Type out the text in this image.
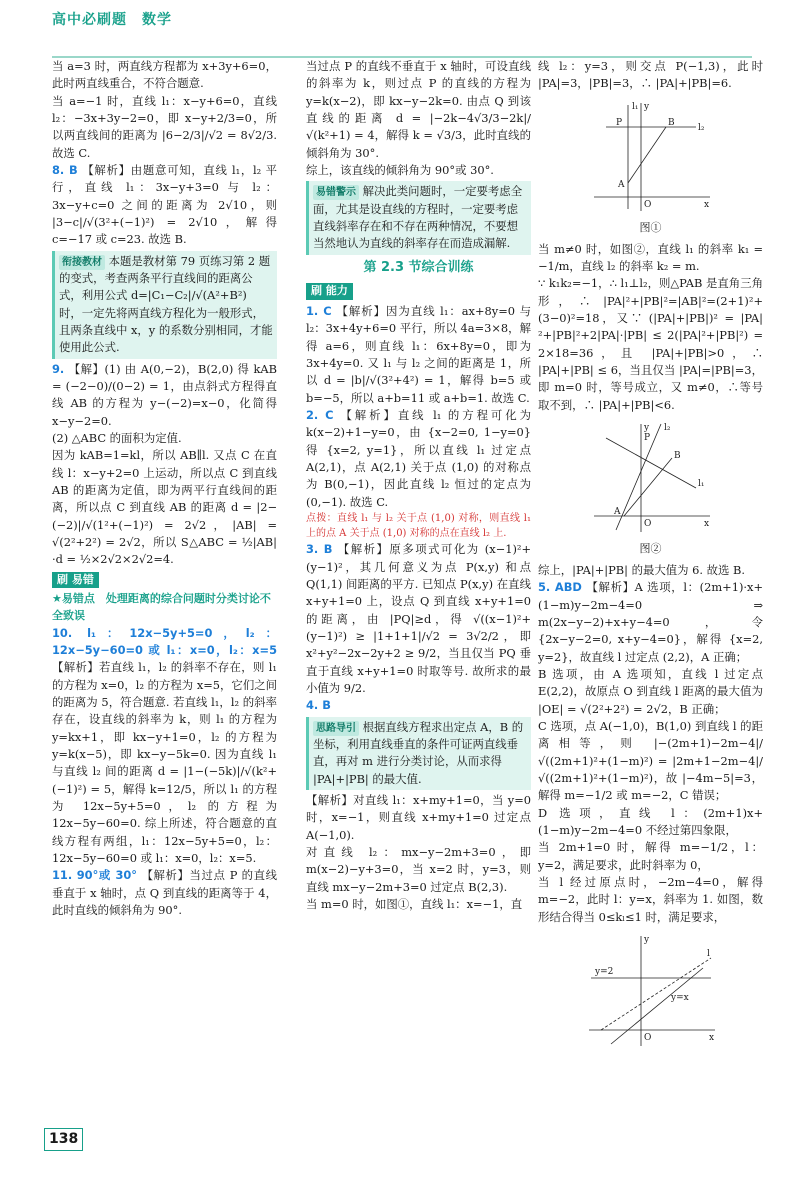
高中必刷题　数学

当 a=3 时，两直线方程都为 x+3y+6=0，此时两直线重合，不符合题意.

当 a=−1 时，直线 l₁：x−y+6=0，直线 l₂：−3x+3y−2=0，即 x−y+2/3=0，所以两直线间的距离为 |6−2/3|/√2 = 8√2/3. 故选 C.

8. B 【解析】由题意可知，直线 l₁，l₂ 平行，直线 l₁：3x−y+3=0 与 l₂：3x−y+c=0 之间的距离为 2√10，则 |3−c|/√(3²+(−1)²) = 2√10，解得 c=−17 或 c=23. 故选 B.

衔接教材 本题是教材第 79 页练习第 2 题的变式，考查两条平行直线间的距离公式，利用公式 d=|C₁−C₂|/√(A²+B²) 时，一定先将两直线方程化为一般形式，且两条直线中 x，y 的系数分别相同，才能使用此公式.

9. 【解】(1) 由 A(0,−2)，B(2,0) 得 kAB = (−2−0)/(0−2) = 1，由点斜式方程得直线 AB 的方程为 y−(−2)=x−0，化简得 x−y−2=0.

(2) △ABC 的面积为定值.

因为 kAB=1=kl，所以 AB∥l. 又点 C 在直线 l：x−y+2=0 上运动，所以点 C 到直线 AB 的距离为定值，即为两平行直线间的距离，所以点 C 到直线 AB 的距离 d = |2−(−2)|/√(1²+(−1)²) = 2√2，|AB| = √(2²+2²) = 2√2，所以 S△ABC = ½|AB|·d = ½×2√2×2√2=4.

刷 易错
★易错点　处理距离的综合问题时分类讨论不全致误

10. l₁：12x−5y+5=0，l₂：12x−5y−60=0 或 l₁：x=0，l₂：x=5 【解析】若直线 l₁，l₂ 的斜率不存在，则 l₁ 的方程为 x=0，l₂ 的方程为 x=5，它们之间的距离为 5，符合题意. 若直线 l₁，l₂ 的斜率存在，设直线的斜率为 k，则 l₁ 的方程为 y=kx+1，即 kx−y+1=0，l₂ 的方程为 y=k(x−5)，即 kx−y−5k=0. 因为直线 l₁ 与直线 l₂ 间的距离 d = |1−(−5k)|/√(k²+(−1)²) = 5，解得 k=12/5，所以 l₁ 的方程为 12x−5y+5=0，l₂ 的方程为 12x−5y−60=0. 综上所述，符合题意的直线方程有两组，l₁：12x−5y+5=0，l₂：12x−5y−60=0 或 l₁：x=0，l₂：x=5.

11. 90°或 30° 【解析】当过点 P 的直线垂直于 x 轴时，点 Q 到直线的距离等于 4，此时直线的倾斜角为 90°.

当过点 P 的直线不垂直于 x 轴时，可设直线的斜率为 k，则过点 P 的直线的方程为 y=k(x−2)，即 kx−y−2k=0. 由点 Q 到该直线的距离 d = |−2k−4√3/3−2k|/√(k²+1) = 4，解得 k = √3/3，此时直线的倾斜角为 30°.

综上，该直线的倾斜角为 90°或 30°.

易错警示 解决此类问题时，一定要考虑全面，尤其是设直线的方程时，一定要考虑直线斜率存在和不存在两种情况，不要想当然地认为直线的斜率存在而造成漏解.
第 2.3 节综合训练
刷 能力

1. C 【解析】因为直线 l₁：ax+8y=0 与 l₂：3x+4y+6=0 平行，所以 4a=3×8，解得 a=6，则直线 l₁：6x+8y=0，即为 3x+4y=0. 又 l₁ 与 l₂ 之间的距离是 1，所以 d = |b|/√(3²+4²) = 1，解得 b=5 或 b=−5，所以 a+b=11 或 a+b=1. 故选 C.

2. C 【解析】直线 l₁ 的方程可化为 k(x−2)+1−y=0，由 {x−2=0, 1−y=0} 得 {x=2, y=1}，所以直线 l₁ 过定点 A(2,1)，点 A(2,1) 关于点 (1,0) 的对称点为 B(0,−1)，因此直线 l₂ 恒过的定点为 (0,−1). 故选 C.

点拨：直线 l₁ 与 l₂ 关于点 (1,0) 对称，则直线 l₁ 上的点 A 关于点 (1,0) 对称的点在直线 l₂ 上.

3. B 【解析】原多项式可化为 (x−1)²+(y−1)²，其几何意义为点 P(x,y) 和点 Q(1,1) 间距离的平方. 已知点 P(x,y) 在直线 x+y+1=0 上，设点 Q 到直线 x+y+1=0 的距离，由 |PQ|≥d，得 √((x−1)²+(y−1)²) ≥ |1+1+1|/√2 = 3√2/2，即 x²+y²−2x−2y+2 ≥ 9/2，当且仅当 PQ 垂直于直线 x+y+1=0 时取等号. 故所求的最小值为 9/2.

4. B

思路导引 根据直线方程求出定点 A，B 的坐标，利用直线垂直的条件可证两直线垂直，再对 m 进行分类讨论，从而求得 |PA|+|PB| 的最大值.

【解析】对直线 l₁：x+my+1=0，当 y=0 时，x=−1，则直线 x+my+1=0 过定点 A(−1,0).

对直线 l₂：mx−y−2m+3=0，即 m(x−2)−y+3=0，当 x=2 时，y=3，则直线 mx−y−2m+3=0 过定点 B(2,3).

当 m=0 时，如图①，直线 l₁：x=−1，直

线 l₂：y=3，则交点 P(−1,3)，此时 |PA|=3，|PB|=3，∴ |PA|+|PB|=6.

x
y
O
P	B
A
l₁
l₂
图①

当 m≠0 时，如图②，直线 l₁ 的斜率 k₁ = −1/m，直线 l₂ 的斜率 k₂ = m.

∵ k₁k₂=−1，∴ l₁⊥l₂，则△PAB 是直角三角形，∴ |PA|²+|PB|²=|AB|²=(2+1)²+(3−0)²=18，又∵ (|PA|+|PB|)² = |PA|²+|PB|²+2|PA|·|PB| ≤ 2(|PA|²+|PB|²) = 2×18=36，且 |PA|+|PB|>0，∴ |PA|+|PB| ≤ 6，当且仅当 |PA|=|PB|=3，即 m=0 时，等号成立，又 m≠0，∴等号取不到，∴ |PA|+|PB|<6.

x
y
O
P
B
A
l₁
l₂
图②

综上，|PA|+|PB| 的最大值为 6. 故选 B.

5. ABD 【解析】A 选项，l：(2m+1)·x+(1−m)y−2m−4=0 ⇒ m(2x−y−2)+x+y−4=0，令 {2x−y−2=0, x+y−4=0}，解得 {x=2, y=2}，故直线 l 过定点 (2,2)，A 正确；

B 选项，由 A 选项知，直线 l 过定点 E(2,2)，故原点 O 到直线 l 距离的最大值为 |OE| = √(2²+2²) = 2√2，B 正确；

C 选项，点 A(−1,0)，B(1,0) 到直线 l 的距离相等，则 |−(2m+1)−2m−4|/√((2m+1)²+(1−m)²) = |2m+1−2m−4|/√((2m+1)²+(1−m)²)，故 |−4m−5|=3，解得 m=−1/2 或 m=−2，C 错误；

D 选项，直线 l：(2m+1)x+(1−m)y−2m−4=0 不经过第四象限，

当 2m+1=0 时，解得 m=−1/2，l：y=2，满足要求，此时斜率为 0，

当 l 经过原点时，−2m−4=0，解得 m=−2，此时 l：y=x，斜率为 1. 如图，数形结合得当 0≤kₗ≤1 时，满足要求，

x
y
O
y=2
y=x
l
138
